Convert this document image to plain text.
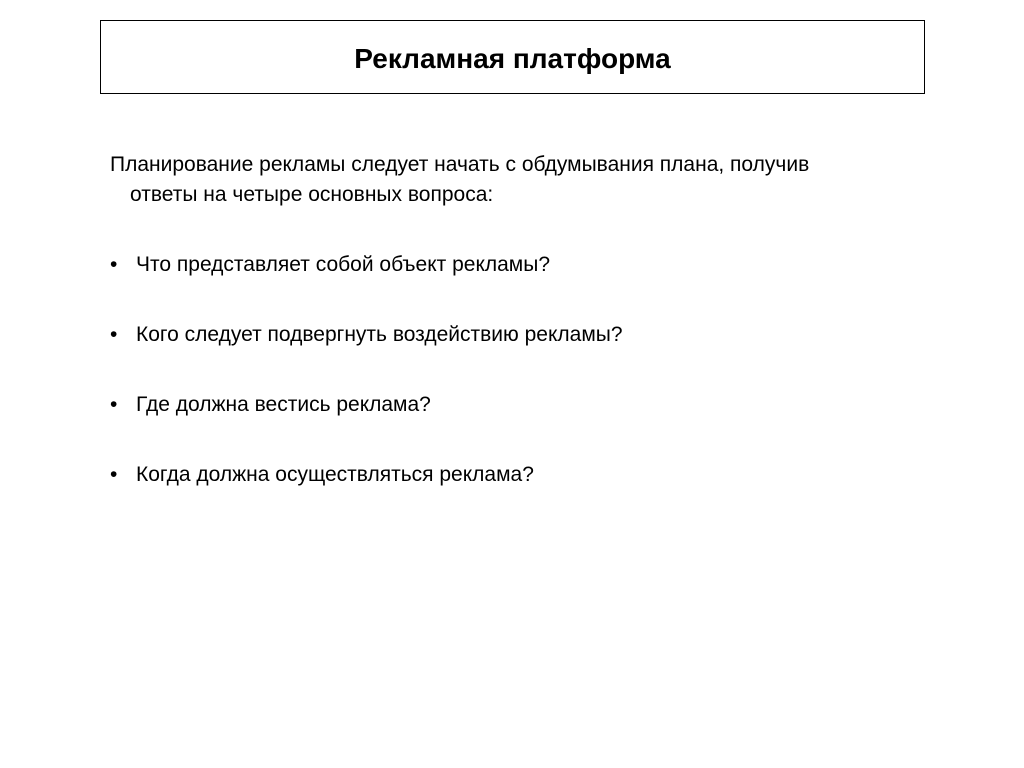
Рекламная платформа
Планирование рекламы следует начать с обдумывания плана, получив
ответы на четыре основных вопроса:
• Что представляет собой объект рекламы?
• Кого следует подвергнуть воздействию рекламы?
• Где должна вестись реклама?
• Когда должна осуществляться реклама?
